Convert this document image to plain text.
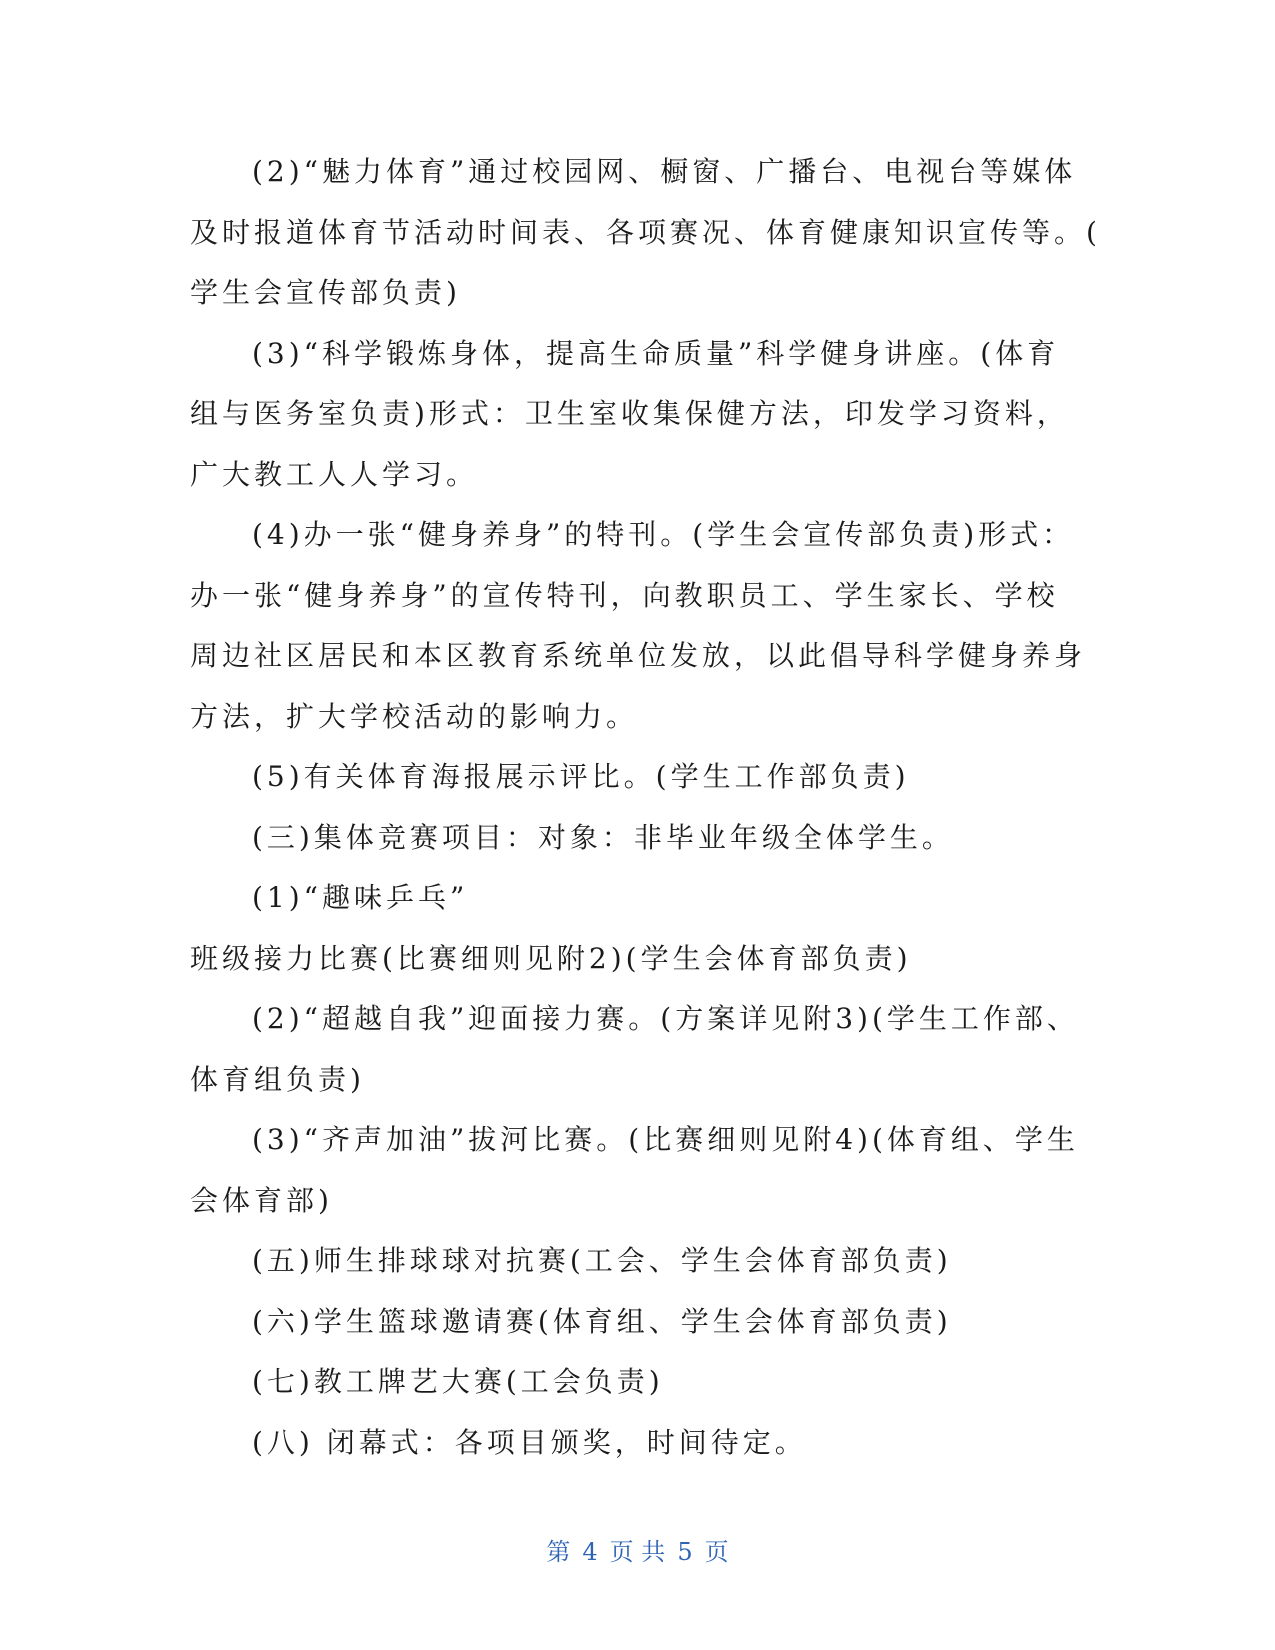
(2)“魅力体育”通过校园网、橱窗、广播台、电视台等媒体
及时报道体育节活动时间表、各项赛况、体育健康知识宣传等。(
学生会宣传部负责)
(3)“科学锻炼身体，提高生命质量”科学健身讲座。(体育
组与医务室负责)形式：卫生室收集保健方法，印发学习资料，
广大教工人人学习。
(4)办一张“健身养身”的特刊。(学生会宣传部负责)形式：
办一张“健身养身”的宣传特刊，向教职员工、学生家长、学校
周边社区居民和本区教育系统单位发放，以此倡导科学健身养身
方法，扩大学校活动的影响力。
(5)有关体育海报展示评比。(学生工作部负责)
(三)集体竞赛项目：对象：非毕业年级全体学生。
(1)“趣味乒乓”
班级接力比赛(比赛细则见附2)(学生会体育部负责)
(2)“超越自我”迎面接力赛。(方案详见附3)(学生工作部、
体育组负责)
(3)“齐声加油”拔河比赛。(比赛细则见附4)(体育组、学生
会体育部)
(五)师生排球球对抗赛(工会、学生会体育部负责)
(六)学生篮球邀请赛(体育组、学生会体育部负责)
(七)教工牌艺大赛(工会负责)
(八) 闭幕式：各项目颁奖，时间待定。
第 4 页 共 5 页
